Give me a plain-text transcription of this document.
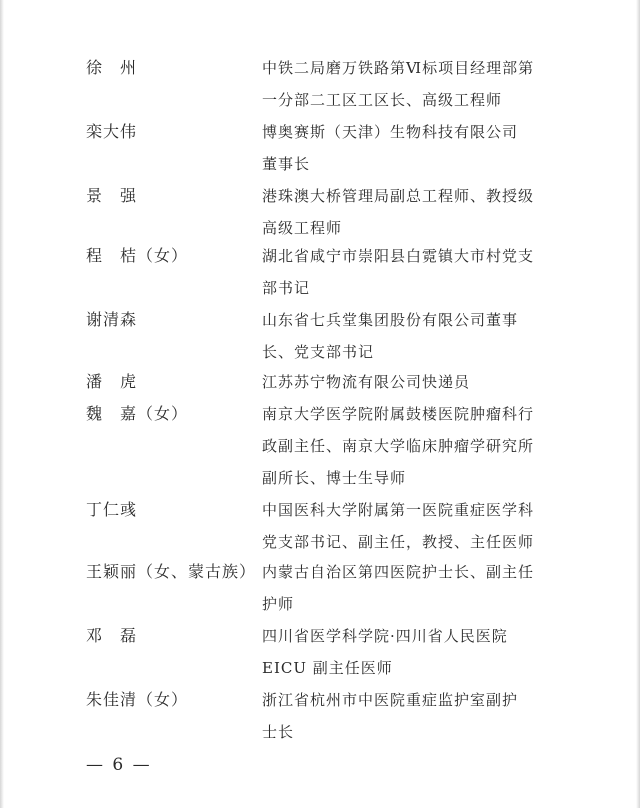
徐　州	中铁二局磨万铁路第Ⅵ标项目经理部第
一分部二工区工区长、高级工程师
栾大伟	博奥赛斯（天津）生物科技有限公司
董事长
景　强	港珠澳大桥管理局副总工程师、教授级
高级工程师
程　桔（女）	湖北省咸宁市崇阳县白霓镇大市村党支
部书记
谢清森	山东省七兵堂集团股份有限公司董事
长、党支部书记
潘　虎	江苏苏宁物流有限公司快递员
魏　嘉（女）	南京大学医学院附属鼓楼医院肿瘤科行
政副主任、南京大学临床肿瘤学研究所
副所长、博士生导师
丁仁彧	中国医科大学附属第一医院重症医学科
党支部书记、副主任，教授、主任医师
王颖丽（女、蒙古族） 内蒙古自治区第四医院护士长、副主任
护师
邓　磊	四川省医学科学院·四川省人民医院
EICU 副主任医师
朱佳清（女）	浙江省杭州市中医院重症监护室副护
士长
— 6 —
